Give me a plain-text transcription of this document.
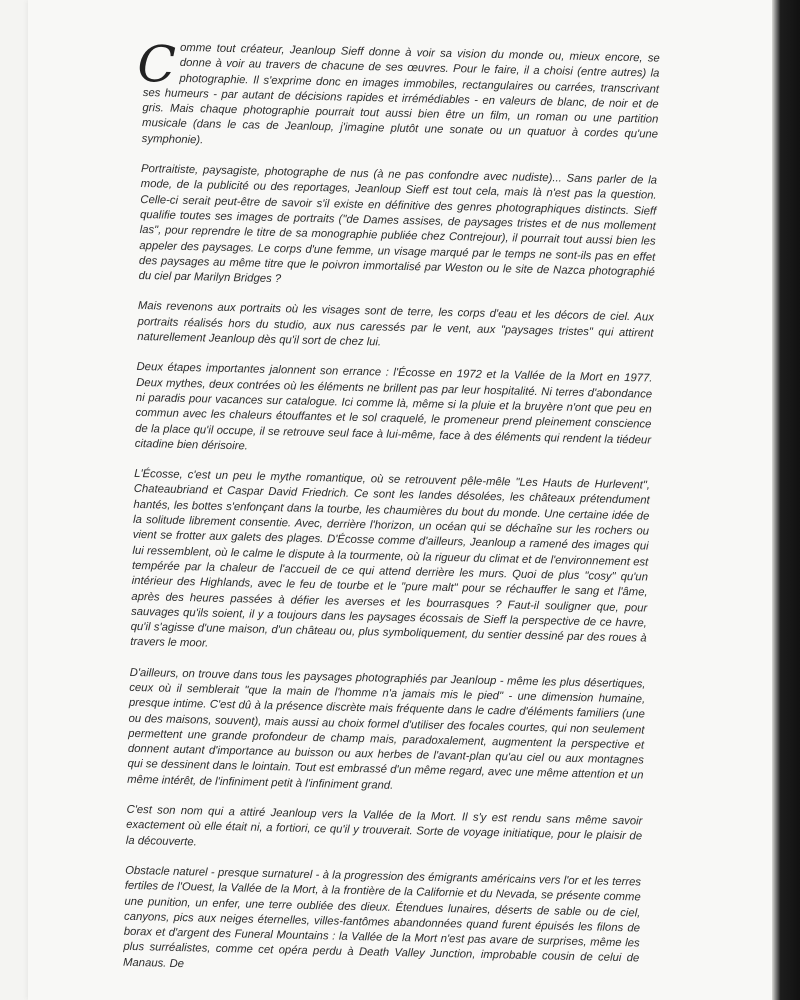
Comme tout créateur, Jeanloup Sieff donne à voir sa vision du monde ou, mieux encore, se donne à voir au travers de chacune de ses œuvres. Pour le faire, il a choisi (entre autres) la photographie. Il s'exprime donc en images immobiles, rectangulaires ou carrées, transcrivant ses humeurs - par autant de décisions rapides et irrémédiables - en valeurs de blanc, de noir et de gris. Mais chaque photographie pourrait tout aussi bien être un film, un roman ou une partition musicale (dans le cas de Jeanloup, j'imagine plutôt une sonate ou un quatuor à cordes qu'une symphonie).

Portraitiste, paysagiste, photographe de nus (à ne pas confondre avec nudiste)... Sans parler de la mode, de la publicité ou des reportages, Jeanloup Sieff est tout cela, mais là n'est pas la question. Celle-ci serait peut-être de savoir s'il existe en définitive des genres photographiques distincts. Sieff qualifie toutes ses images de portraits ("de Dames assises, de paysages tristes et de nus mollement las", pour reprendre le titre de sa monographie publiée chez Contrejour), il pourrait tout aussi bien les appeler des paysages. Le corps d'une femme, un visage marqué par le temps ne sont-ils pas en effet des paysages au même titre que le poivron immortalisé par Weston ou le site de Nazca photographié du ciel par Marilyn Bridges ?

Mais revenons aux portraits où les visages sont de terre, les corps d'eau et les décors de ciel. Aux portraits réalisés hors du studio, aux nus caressés par le vent, aux "paysages tristes" qui attirent naturellement Jeanloup dès qu'il sort de chez lui.

Deux étapes importantes jalonnent son errance : l'Écosse en 1972 et la Vallée de la Mort en 1977. Deux mythes, deux contrées où les éléments ne brillent pas par leur hospitalité. Ni terres d'abondance ni paradis pour vacances sur catalogue. Ici comme là, même si la pluie et la bruyère n'ont que peu en commun avec les chaleurs étouffantes et le sol craquelé, le promeneur prend pleinement conscience de la place qu'il occupe, il se retrouve seul face à lui-même, face à des éléments qui rendent la tiédeur citadine bien dérisoire.

L'Écosse, c'est un peu le mythe romantique, où se retrouvent pêle-mêle "Les Hauts de Hurlevent", Chateaubriand et Caspar David Friedrich. Ce sont les landes désolées, les châteaux prétendument hantés, les bottes s'enfonçant dans la tourbe, les chaumières du bout du monde. Une certaine idée de la solitude librement consentie. Avec, derrière l'horizon, un océan qui se déchaîne sur les rochers ou vient se frotter aux galets des plages. D'Écosse comme d'ailleurs, Jeanloup a ramené des images qui lui ressemblent, où le calme le dispute à la tourmente, où la rigueur du climat et de l'environnement est tempérée par la chaleur de l'accueil de ce qui attend derrière les murs. Quoi de plus "cosy" qu'un intérieur des Highlands, avec le feu de tourbe et le "pure malt" pour se réchauffer le sang et l'âme, après des heures passées à défier les averses et les bourrasques ? Faut-il souligner que, pour sauvages qu'ils soient, il y a toujours dans les paysages écossais de Sieff la perspective de ce havre, qu'il s'agisse d'une maison, d'un château ou, plus symboliquement, du sentier dessiné par des roues à travers le moor.

D'ailleurs, on trouve dans tous les paysages photographiés par Jeanloup - même les plus désertiques, ceux où il semblerait "que la main de l'homme n'a jamais mis le pied" - une dimension humaine, presque intime. C'est dû à la présence discrète mais fréquente dans le cadre d'éléments familiers (une ou des maisons, souvent), mais aussi au choix formel d'utiliser des focales courtes, qui non seulement permettent une grande profondeur de champ mais, paradoxalement, augmentent la perspective et donnent autant d'importance au buisson ou aux herbes de l'avant-plan qu'au ciel ou aux montagnes qui se dessinent dans le lointain. Tout est embrassé d'un même regard, avec une même attention et un même intérêt, de l'infiniment petit à l'infiniment grand.

C'est son nom qui a attiré Jeanloup vers la Vallée de la Mort. Il s'y est rendu sans même savoir exactement où elle était ni, a fortiori, ce qu'il y trouverait. Sorte de voyage initiatique, pour le plaisir de la découverte.

Obstacle naturel - presque surnaturel - à la progression des émigrants américains vers l'or et les terres fertiles de l'Ouest, la Vallée de la Mort, à la frontière de la Californie et du Nevada, se présente comme une punition, un enfer, une terre oubliée des dieux. Étendues lunaires, déserts de sable ou de ciel, canyons, pics aux neiges éternelles, villes-fantômes abandonnées quand furent épuisés les filons de borax et d'argent des Funeral Mountains : la Vallée de la Mort n'est pas avare de surprises, même les plus surréalistes, comme cet opéra perdu à Death Valley Junction, improbable cousin de celui de Manaus. De
